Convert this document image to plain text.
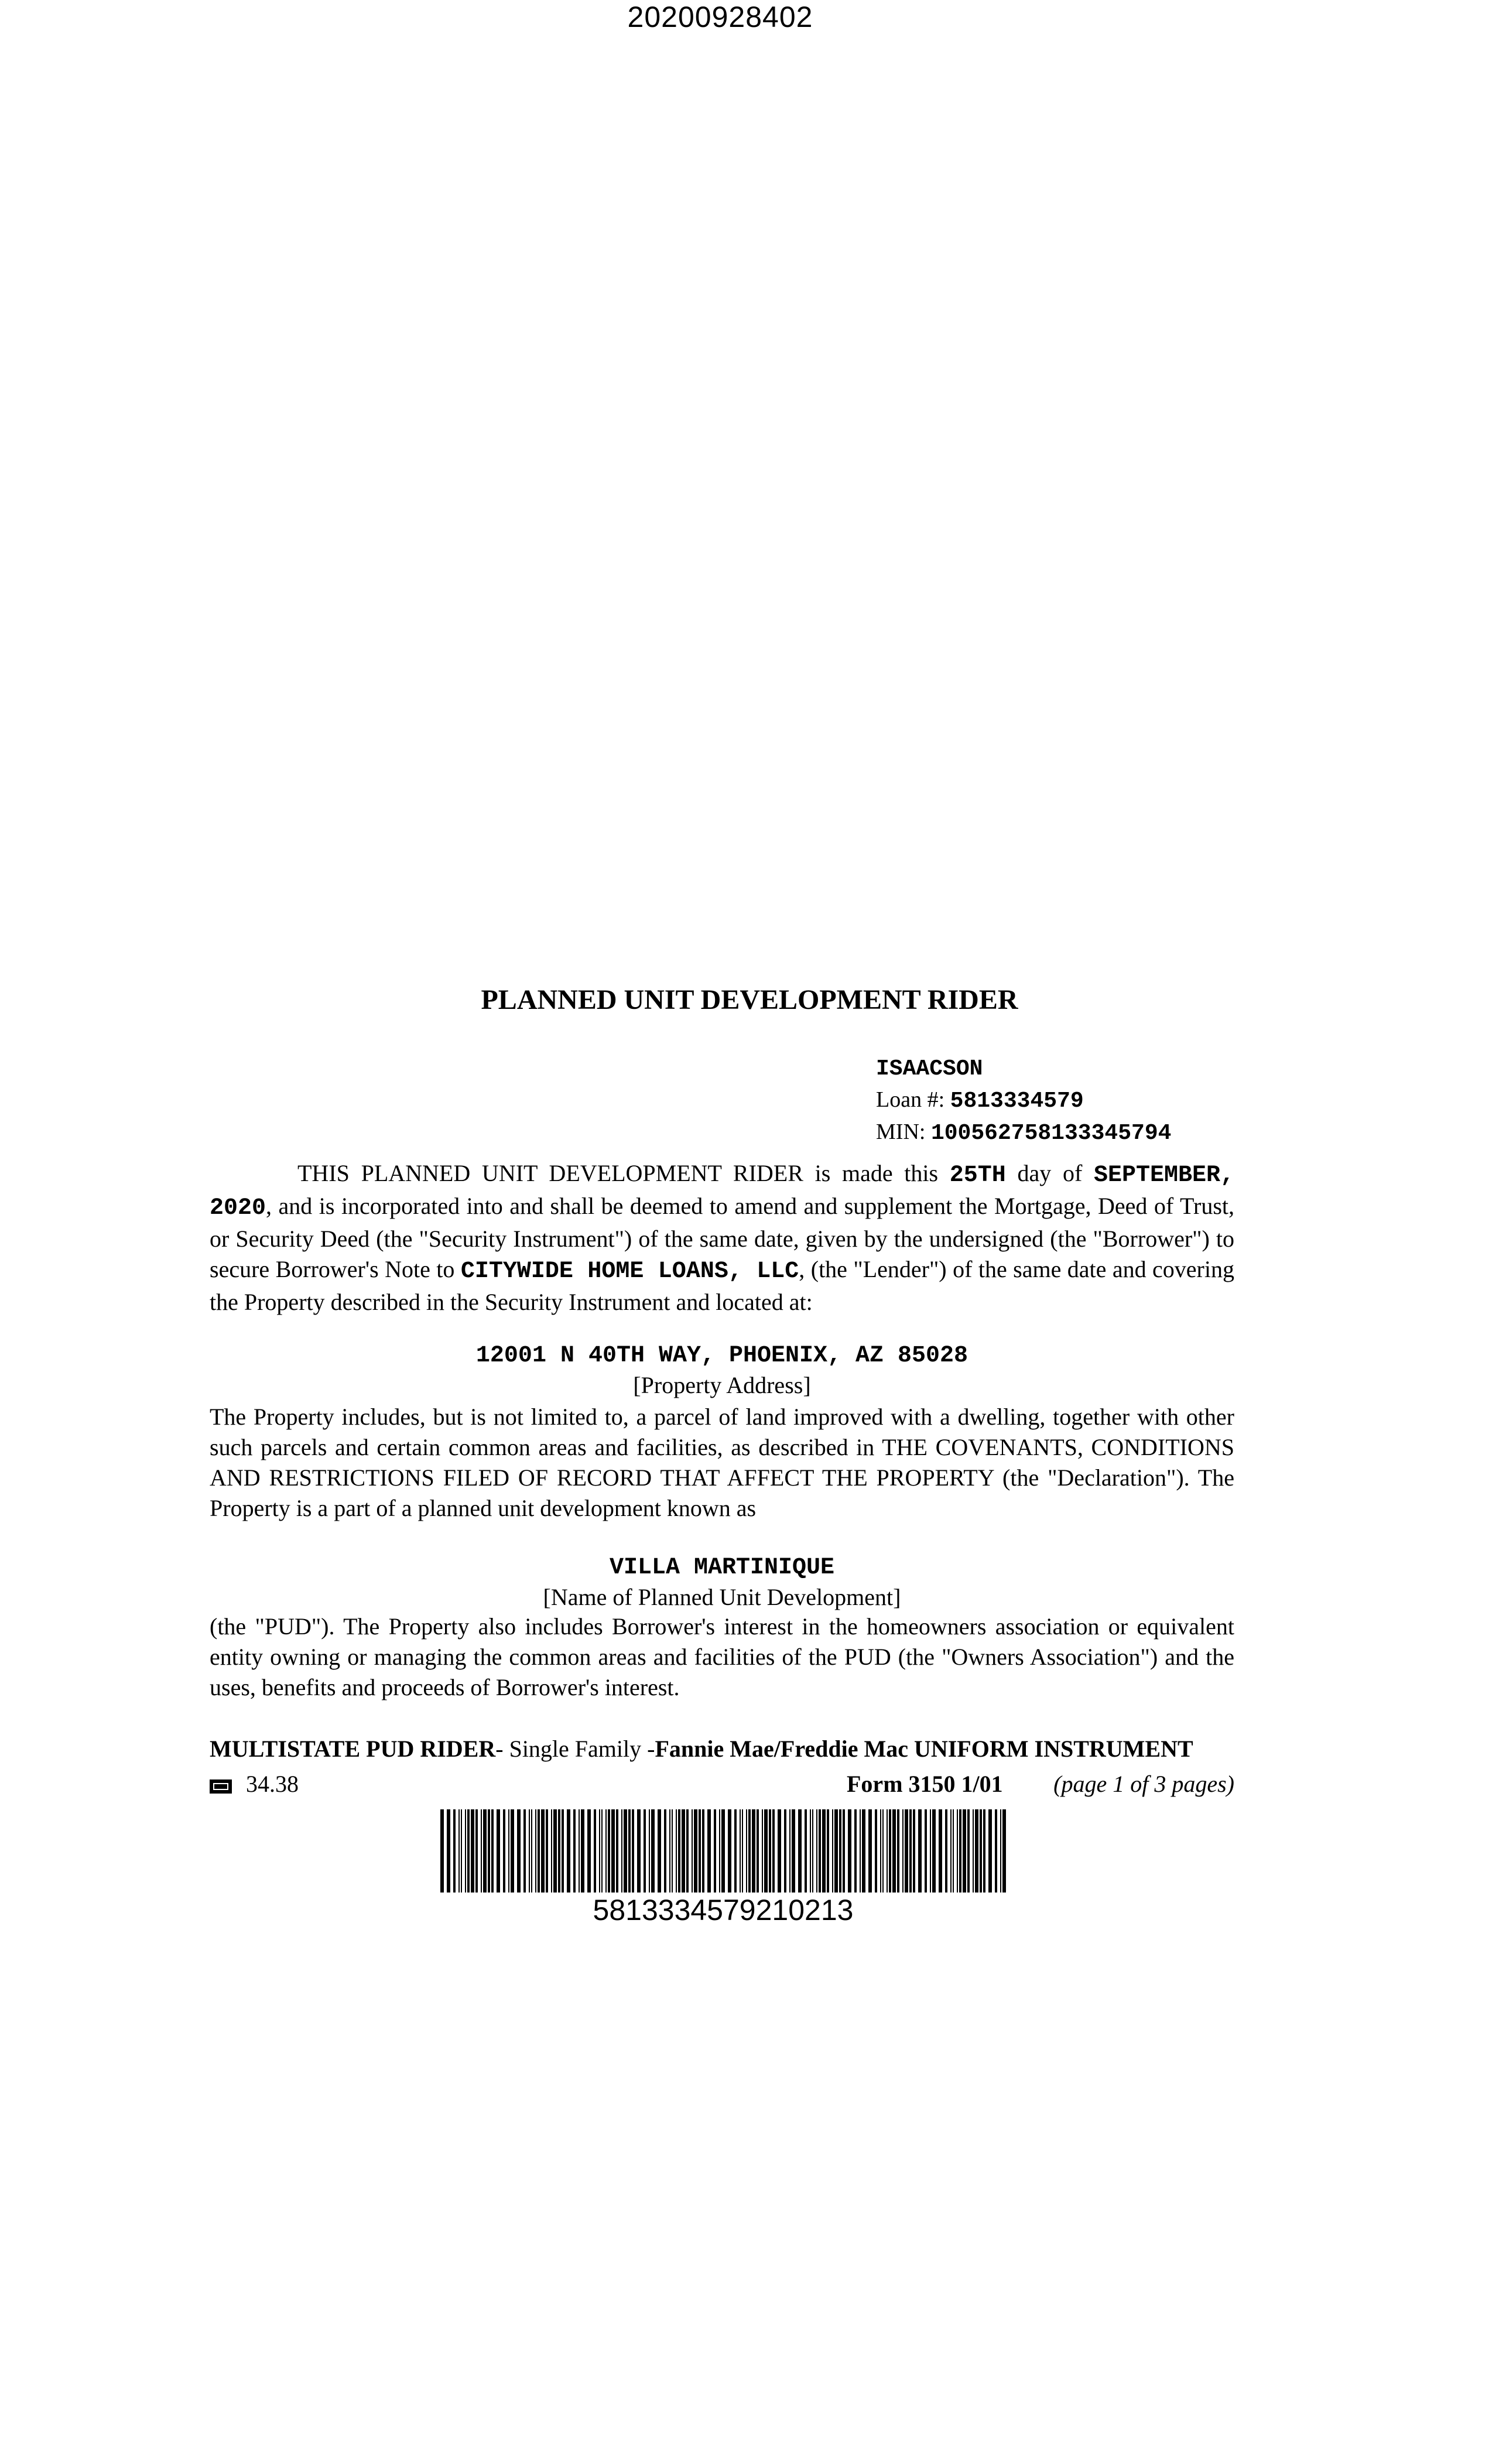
20200928402
PLANNED UNIT DEVELOPMENT RIDER
ISAACSON
Loan #: 5813334579
MIN: 100562758133345794
THIS PLANNED UNIT DEVELOPMENT RIDER is made this 25TH day of SEPTEMBER, 2020, and is incorporated into and shall be deemed to amend and supplement the Mortgage, Deed of Trust, or Security Deed (the "Security Instrument") of the same date, given by the undersigned (the "Borrower") to secure Borrower's Note to CITYWIDE HOME LOANS, LLC, (the "Lender") of the same date and covering the Property described in the Security Instrument and located at:
12001 N 40TH WAY, PHOENIX, AZ 85028
[Property Address]
The Property includes, but is not limited to, a parcel of land improved with a dwelling, together with other such parcels and certain common areas and facilities, as described in THE COVENANTS, CONDITIONS AND RESTRICTIONS FILED OF RECORD THAT AFFECT THE PROPERTY (the "Declaration"). The Property is a part of a planned unit development known as
VILLA MARTINIQUE
[Name of Planned Unit Development]
(the "PUD"). The Property also includes Borrower's interest in the homeowners association or equivalent entity owning or managing the common areas and facilities of the PUD (the "Owners Association") and the uses, benefits and proceeds of Borrower's interest.
MULTISTATE PUD RIDER- Single Family -Fannie Mae/Freddie Mac UNIFORM INSTRUMENT
34.38	Form 3150 1/01 (page 1 of 3 pages)
5813334579210213
